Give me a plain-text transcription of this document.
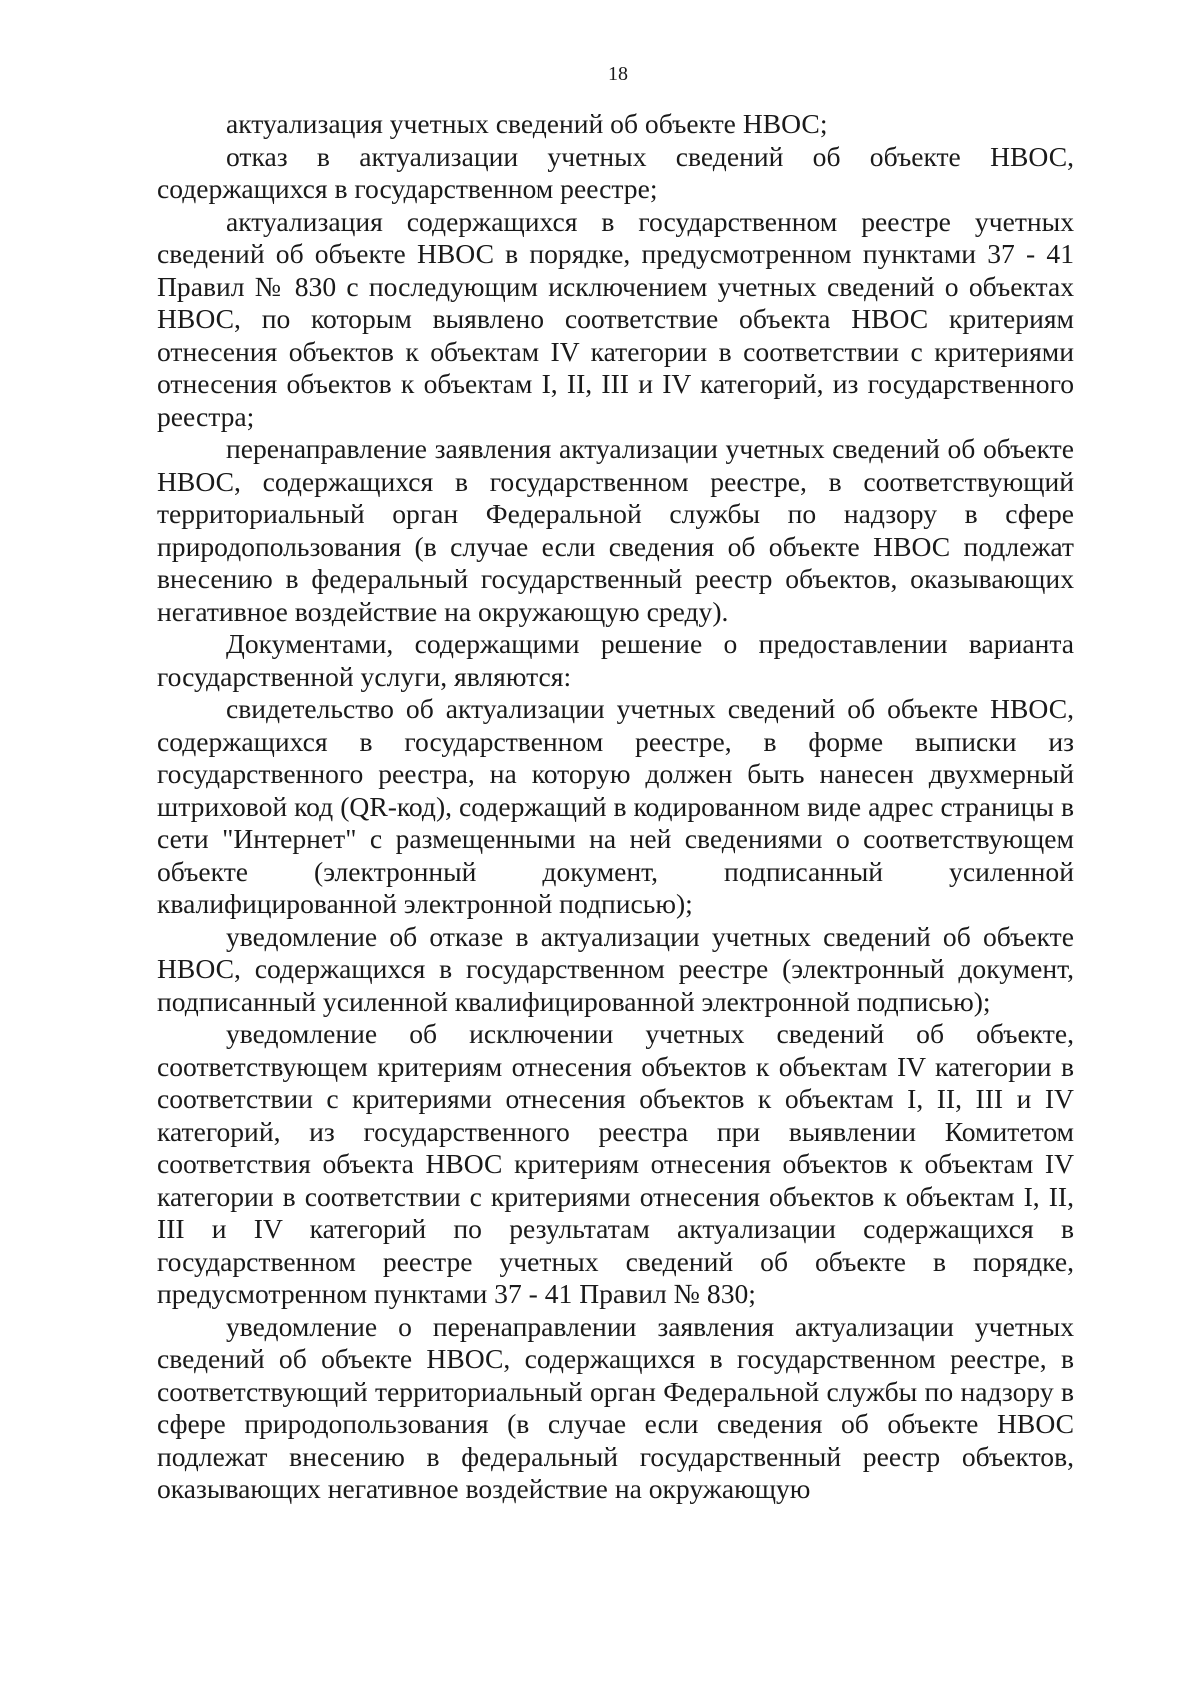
18

актуализация учетных сведений об объекте НВОС;

отказ в актуализации учетных сведений об объекте НВОС, содержащихся в государственном реестре;

актуализация содержащихся в государственном реестре учетных сведений об объекте НВОС в порядке, предусмотренном пунктами 37 - 41 Правил № 830 с последующим исключением учетных сведений о объектах НВОС, по которым выявлено соответствие объекта НВОС критериям отнесения объектов к объектам IV категории в соответствии с критериями отнесения объектов к объектам I, II, III и IV категорий, из государственного реестра;

перенаправление заявления актуализации учетных сведений об объекте НВОС, содержащихся в государственном реестре, в соответствующий территориальный орган Федеральной службы по надзору в сфере природопользования (в случае если сведения об объекте НВОС подлежат внесению в федеральный государственный реестр объектов, оказывающих негативное воздействие на окружающую среду).

Документами, содержащими решение о предоставлении варианта государственной услуги, являются:

свидетельство об актуализации учетных сведений об объекте НВОС, содержащихся в государственном реестре, в форме выписки из государственного реестра, на которую должен быть нанесен двухмерный штриховой код (QR-код), содержащий в кодированном виде адрес страницы в сети "Интернет" с размещенными на ней сведениями о соответствующем объекте (электронный документ, подписанный усиленной квалифицированной электронной подписью);

уведомление об отказе в актуализации учетных сведений об объекте НВОС, содержащихся в государственном реестре (электронный документ, подписанный усиленной квалифицированной электронной подписью);

уведомление об исключении учетных сведений об объекте, соответствующем критериям отнесения объектов к объектам IV категории в соответствии с критериями отнесения объектов к объектам I, II, III и IV категорий, из государственного реестра при выявлении Комитетом соответствия объекта НВОС критериям отнесения объектов к объектам IV категории в соответствии с критериями отнесения объектов к объектам I, II, III и IV категорий по результатам актуализации содержащихся в государственном реестре учетных сведений об объекте в порядке, предусмотренном пунктами 37 - 41 Правил № 830;

уведомление о перенаправлении заявления актуализации учетных сведений об объекте НВОС, содержащихся в государственном реестре, в соответствующий территориальный орган Федеральной службы по надзору в сфере природопользования (в случае если сведения об объекте НВОС подлежат внесению в федеральный государственный реестр объектов, оказывающих негативное воздействие на окружающую
